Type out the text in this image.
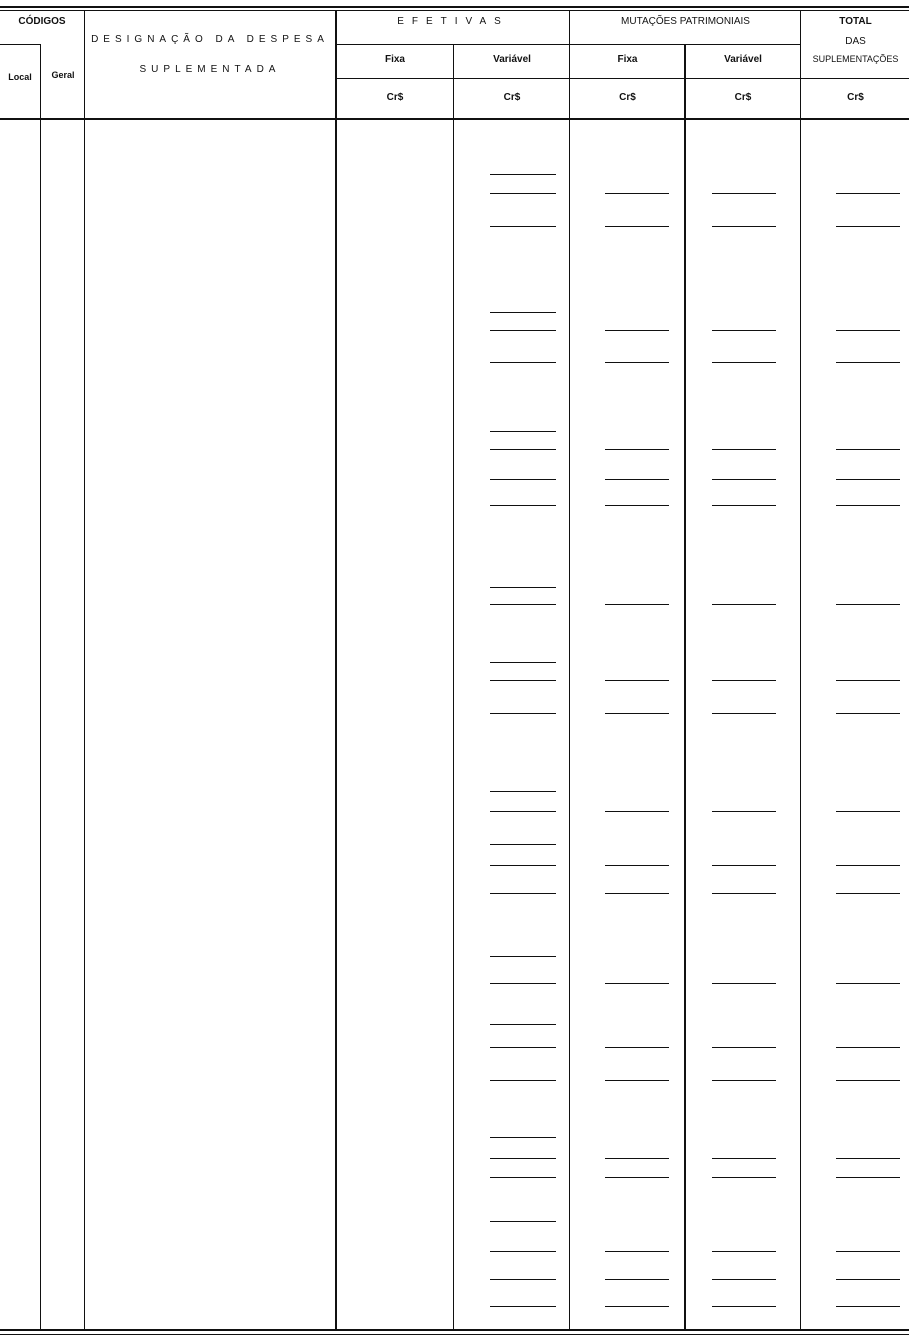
CÓDIGOS
Local	Geral
DESIGNAÇÃO DA DESPESA
SUPLEMENTADA
EFETIVAS	MUTAÇÕES PATRIMONIAIS	TOTAL
DAS
SUPLEMENTAÇÕES
Fixa	Variável	Fixa	Variável
Cr$	Cr$	Cr$	Cr$	Cr$
